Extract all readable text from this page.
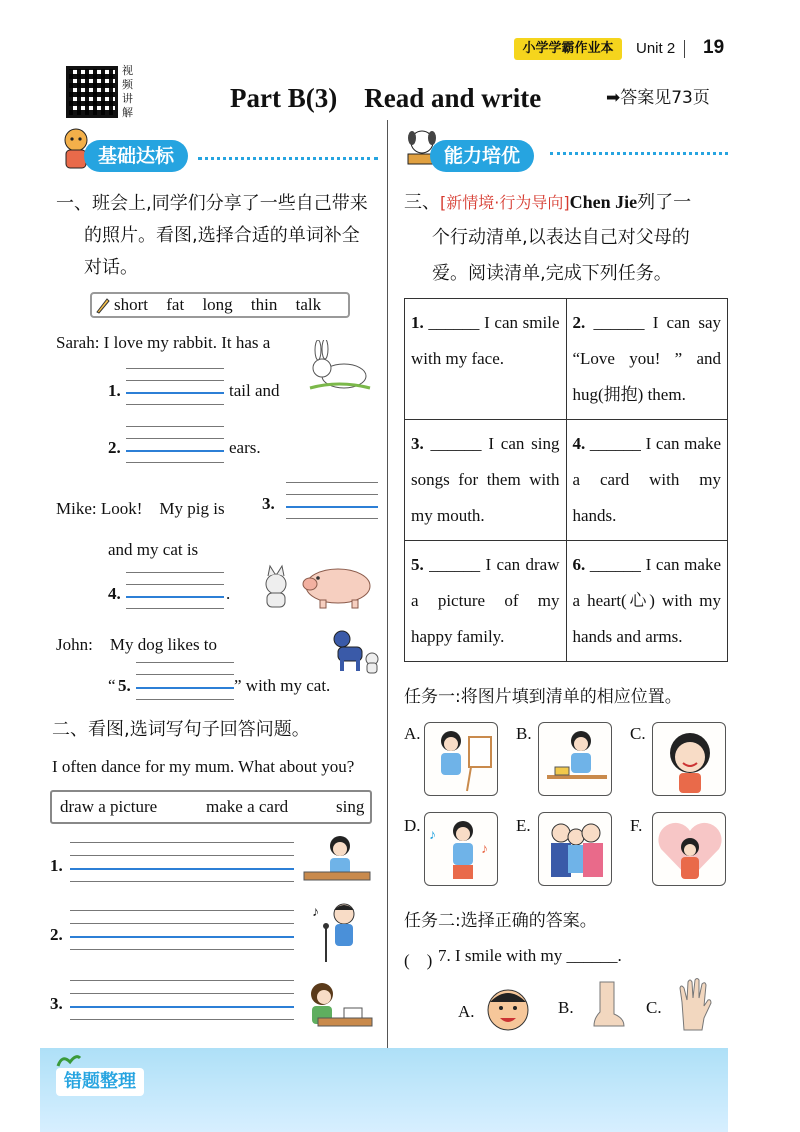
小学学霸作业本	Unit 2 19
视频讲解	Part B(3)　Read and write	➡答案见73页
基础达标
一、班会上,同学们分享了一些自己带来
的照片。看图,选择合适的单词补全
对话。
short fat long thin talk
Sarah: I love my rabbit. It has a
1.	tail and
2.	ears.
Mike: Look!　My pig is 3.
and my cat is
4.	.
John:　My dog likes to
“ 5.	” with my cat.
二、看图,选词写句子回答问题。
I often dance for my mum. What about you?
draw a picture	make a card	sing
1.
2.
♪
3.
能力培优
三、[新情境·行为导向]Chen Jie列了一
个行动清单,以表达自己对父母的
爱。阅读清单,完成下列任务。
1. ______ I can smile with my face.	2. ______ I can say “Love you! ” and hug(拥抱) them.
3. ______ I can sing songs for them with my mouth.	4. ______ I can make a card with my hands.
5. ______ I can draw a picture of my happy family.	6. ______ I can make a heart(心) with my hands and arms.
任务一:将图片填到清单的相应位置。
A.	B.	C.
D.
♪
♪
E.	F.
任务二:选择正确的答案。
(　) 7. I smile with my ______.
A.	B.	C.
错题整理
